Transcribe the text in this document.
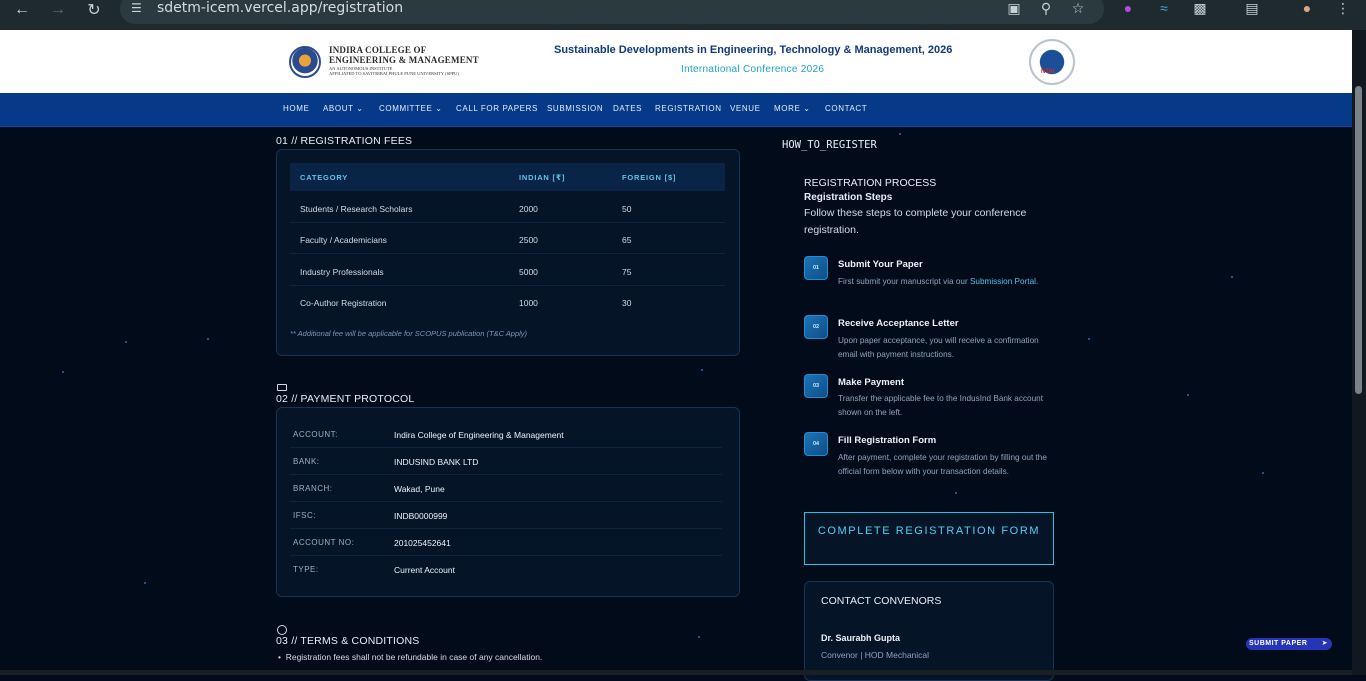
← → ↻	☰ sdetm-icem.vercel.app/registration	▣ ⚲ ☆	●	≈	▩	▤	●	⋮
INDIRA COLLEGE OF
ENGINEERING & MANAGEMENT
AN AUTONOMOUS INSTITUTE
AFFILIATED TO SAVITRIBAI PHULE PUNE UNIVERSITY (SPPU)
Sustainable Developments in Engineering, Technology & Management, 2026
International Conference 2026	NTAI
HOME ABOUT ⌄ COMMITTEE ⌄ CALL FOR PAPERS SUBMISSION DATES REGISTRATION VENUE MORE ⌄ CONTACT
01 // REGISTRATION FEES
CATEGORY	INDIAN [₹]	FOREIGN [$]
Students / Research Scholars	2000	50
Faculty / Academicians	2500	65
Industry Professionals	5000	75
Co-Author Registration	1000	30
** Additional fee will be applicable for SCOPUS publication (T&C Apply)
02 // PAYMENT PROTOCOL
ACCOUNT:	Indira College of Engineering & Management
BANK:	INDUSIND BANK LTD
BRANCH:	Wakad, Pune
IFSC:	INDB0000999
ACCOUNT NO:	201025452641
TYPE:	Current Account
03 // TERMS & CONDITIONS
•  Registration fees shall not be refundable in case of any cancellation.
HOW_TO_REGISTER
REGISTRATION PROCESS
Registration Steps
Follow these steps to complete your conference registration.
01	Submit Your Paper
First submit your manuscript via our Submission Portal.
02	Receive Acceptance Letter
Upon paper acceptance, you will receive a confirmation email with payment instructions.
03	Make Payment
Transfer the applicable fee to the IndusInd Bank account shown on the left.
04	Fill Registration Form
After payment, complete your registration by filling out the official form below with your transaction details.
COMPLETE REGISTRATION FORM
CONTACT CONVENORS
Dr. Saurabh Gupta
Convenor | HOD Mechanical
SUBMIT PAPER ➤
